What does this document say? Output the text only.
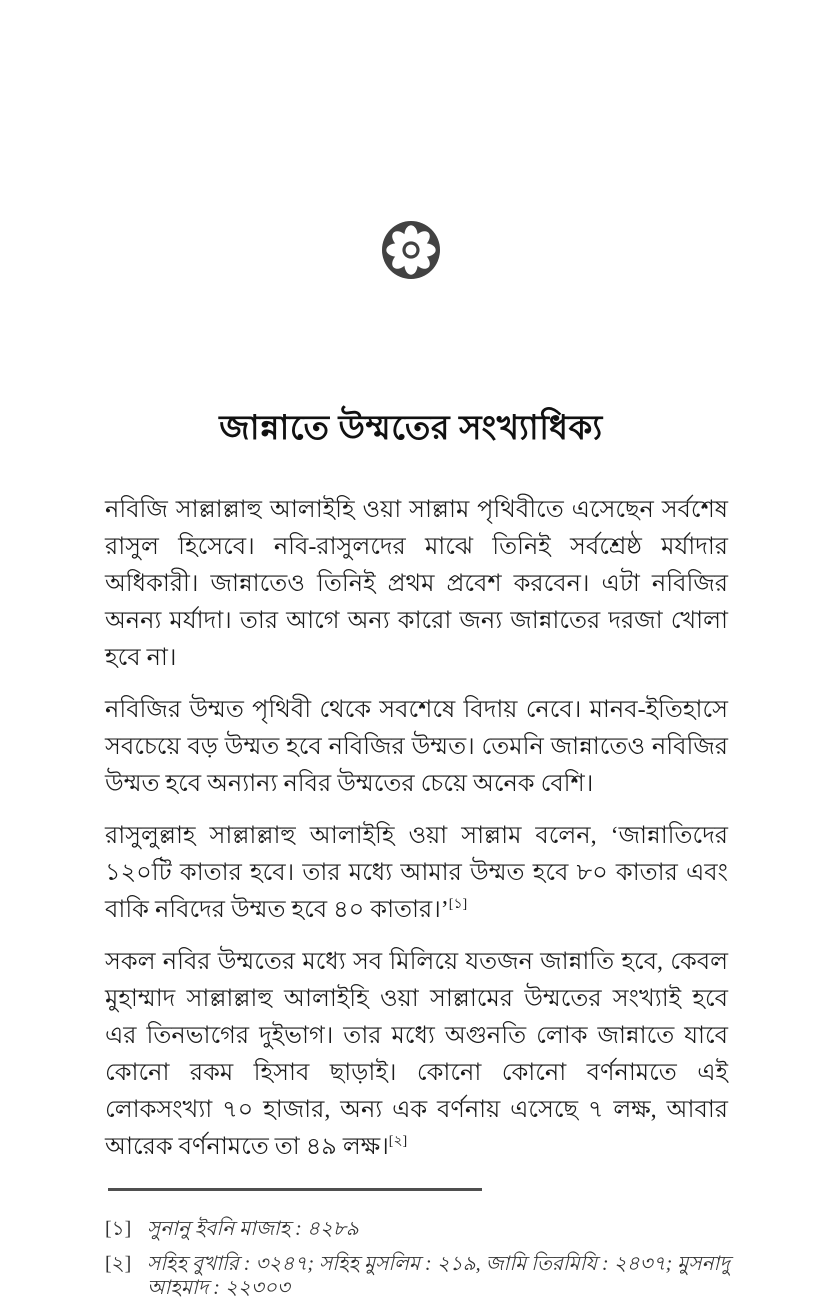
জান্নাতে উম্মতের সংখ্যাধিক্য

নবিজি সাল্লাল্লাহু আলাইহি ওয়া সাল্লাম পৃথিবীতে এসেছেন সর্বশেষ রাসুল হিসেবে। নবি-রাসুলদের মাঝে তিনিই সর্বশ্রেষ্ঠ মর্যাদার অধিকারী। জান্নাতেও তিনিই প্রথম প্রবেশ করবেন। এটা নবিজির অনন্য মর্যাদা। তার আগে অন্য কারো জন্য জান্নাতের দরজা খোলা হবে না।

নবিজির উম্মত পৃথিবী থেকে সবশেষে বিদায় নেবে। মানব-ইতিহাসে সবচেয়ে বড় উম্মত হবে নবিজির উম্মত। তেমনি জান্নাতেও নবিজির উম্মত হবে অন্যান্য নবির উম্মতের চেয়ে অনেক বেশি।

রাসুলুল্লাহ সাল্লাল্লাহু আলাইহি ওয়া সাল্লাম বলেন, ‘জান্নাতিদের ১২০টি কাতার হবে। তার মধ্যে আমার উম্মত হবে ৮০ কাতার এবং বাকি নবিদের উম্মত হবে ৪০ কাতার।’[১]

সকল নবির উম্মতের মধ্যে সব মিলিয়ে যতজন জান্নাতি হবে, কেবল মুহাম্মাদ সাল্লাল্লাহু আলাইহি ওয়া সাল্লামের উম্মতের সংখ্যাই হবে এর তিনভাগের দুইভাগ। তার মধ্যে অগুনতি লোক জান্নাতে যাবে কোনো রকম হিসাব ছাড়াই। কোনো কোনো বর্ণনামতে এই লোকসংখ্যা ৭০ হাজার, অন্য এক বর্ণনায় এসেছে ৭ লক্ষ, আবার আরেক বর্ণনামতে তা ৪৯ লক্ষ।[২]

[১] সুনানু ইবনি মাজাহ : ৪২৮৯
[২] সহিহ বুখারি : ৩২৪৭; সহিহ মুসলিম : ২১৯, জামি তিরমিযি : ২৪৩৭; মুসনাদু আহমাদ : ২২৩০৩
